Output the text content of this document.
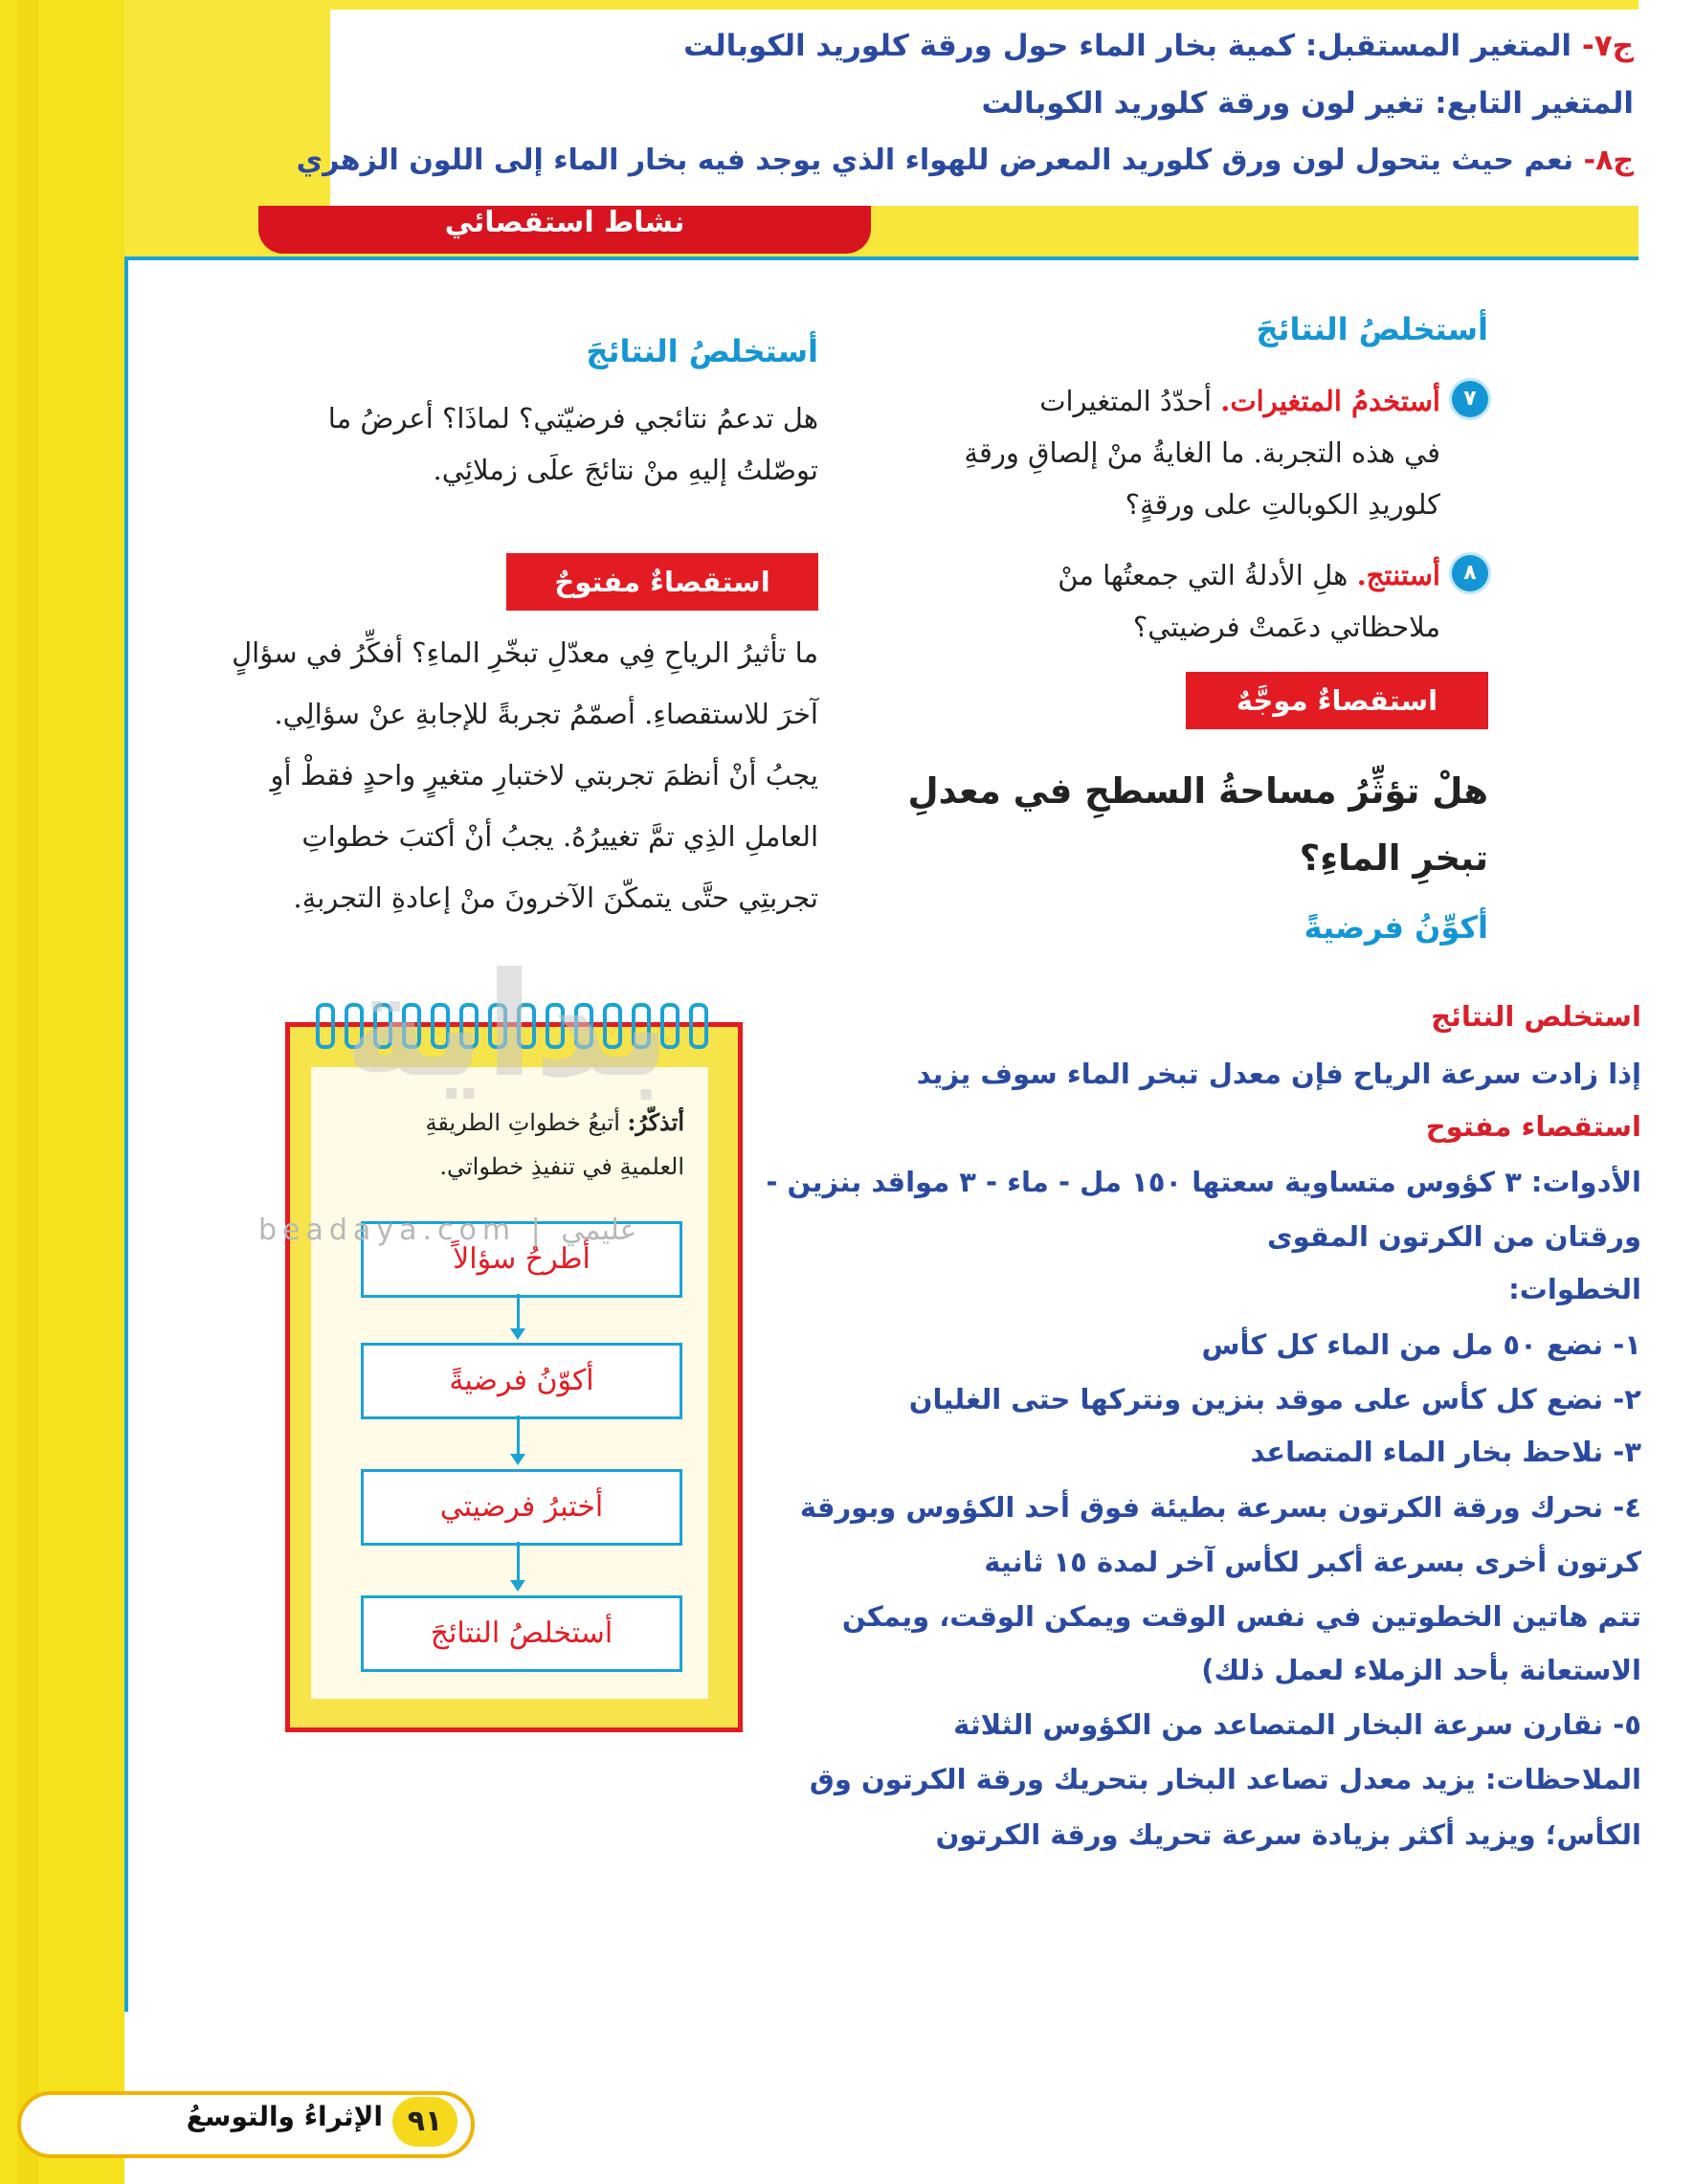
نشاط استقصائي
ج٧- المتغير المستقبل: كمية بخار الماء حول ورقة كلوريد الكوبالت
المتغير التابع: تغير لون ورقة كلوريد الكوبالت
ج٨- نعم حيث يتحول لون ورق كلوريد المعرض للهواء الذي يوجد فيه بخار الماء إلى اللون الزهري
أستخلصُ النتائجَ
٧
أستخدمُ المتغيرات. أحدّدُ المتغيرات
في هذه التجربة. ما الغايةُ منْ إلصاقِ ورقةِ
كلوريدِ الكوبالتِ على ورقةٍ؟
٨
أستنتج. هلِ الأدلةُ التي جمعتُها منْ
ملاحظاتي دعَمتْ فرضيتي؟
استقصاءٌ موجَّهٌ
هلْ تؤثِّرُ مساحةُ السطحِ في معدلِ
تبخرِ الماءِ؟
أكوِّنُ فرضيةً
أستخلصُ النتائجَ
هل تدعمُ نتائجي فرضيّتي؟ لماذَا؟ أعرضُ ما
توصّلتُ إليهِ منْ نتائجَ علَى زملائِي.
استقصاءٌ مفتوحٌ
ما تأثيرُ الرياحِ فِي معدّلِ تبخّرِ الماءِ؟ أفكِّرُ في سؤالٍ
آخرَ للاستقصاءِ. أصمّمُ تجربةً للإجابةِ عنْ سؤالِي.
يجبُ أنْ أنظمَ تجربتي لاختبارِ متغيرٍ واحدٍ فقطْ أوِ
العاملِ الذِي تمَّ تغييرُهُ. يجبُ أنْ أكتبَ خطواتِ
تجربتِي حتَّى يتمكّنَ الآخرونَ منْ إعادةِ التجربةِ.
أتذكّرُ: أتبعُ خطواتِ الطريقةِ
العلميةِ في تنفيذِ خطواتي.
أطرحُ سؤالاً
أكوّنُ فرضيةً
أختبرُ فرضيتي
أستخلصُ النتائجَ
بداية
beadaya.com | عليمي
استخلص النتائج
إذا زادت سرعة الرياح فإن معدل تبخر الماء سوف يزيد
استقصاء مفتوح
الأدوات: ٣ كؤوس متساوية سعتها ١٥٠ مل - ماء - ٣ مواقد بنزين -
ورقتان من الكرتون المقوى
الخطوات:
١- نضع ٥٠ مل من الماء كل كأس
٢- نضع كل كأس على موقد بنزين ونتركها حتى الغليان
٣- نلاحظ بخار الماء المتصاعد
٤- نحرك ورقة الكرتون بسرعة بطيئة فوق أحد الكؤوس وبورقة
كرتون أخرى بسرعة أكبر لكأس آخر لمدة ١٥ ثانية
تتم هاتين الخطوتين في نفس الوقت ويمكن الوقت، ويمكن
الاستعانة بأحد الزملاء لعمل ذلك)
٥- نقارن سرعة البخار المتصاعد من الكؤوس الثلاثة
الملاحظات: يزيد معدل تصاعد البخار بتحريك ورقة الكرتون وق
الكأس؛ ويزيد أكثر بزيادة سرعة تحريك ورقة الكرتون
٩١
الإثراءُ والتوسعُ
